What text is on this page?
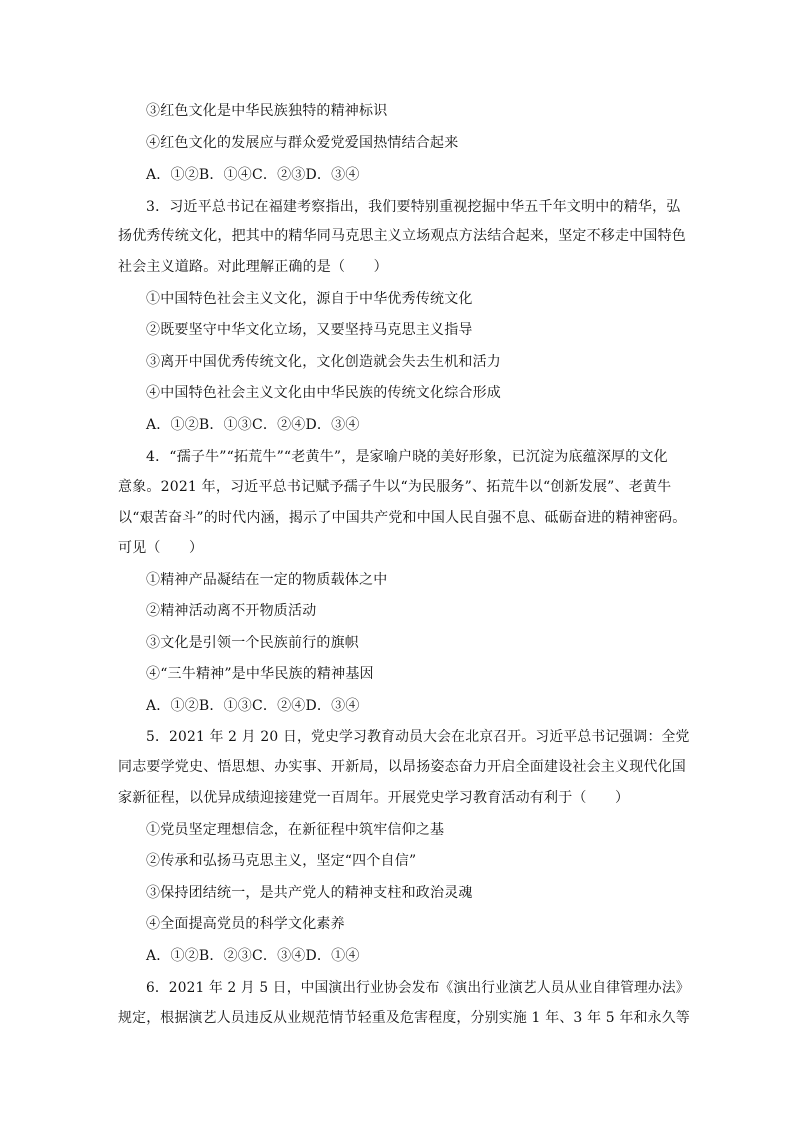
③红色文化是中华民族独特的精神标识

④红色文化的发展应与群众爱党爱国热情结合起来

A．①②B．①④C．②③D．③④

3．习近平总书记在福建考察指出，我们要特别重视挖掘中华五千年文明中的精华，弘

扬优秀传统文化，把其中的精华同马克思主义立场观点方法结合起来，坚定不移走中国特色

社会主义道路。对此理解正确的是（　　）

①中国特色社会主义文化，源自于中华优秀传统文化

②既要坚守中华文化立场，又要坚持马克思主义指导

③离开中国优秀传统文化，文化创造就会失去生机和活力

④中国特色社会主义文化由中华民族的传统文化综合形成

A．①②B．①③C．②④D．③④

4．“孺子牛”“拓荒牛”“老黄牛”，是家喻户晓的美好形象，已沉淀为底蕴深厚的文化

意象。2021 年，习近平总书记赋予孺子牛以“为民服务”、拓荒牛以“创新发展”、老黄牛

以“艰苦奋斗”的时代内涵，揭示了中国共产党和中国人民自强不息、砥砺奋进的精神密码。

可见（　　）

①精神产品凝结在一定的物质载体之中

②精神活动离不开物质活动

③文化是引领一个民族前行的旗帜

④“三牛精神”是中华民族的精神基因

A．①②B．①③C．②④D．③④

5．2021 年 2 月 20 日，党史学习教育动员大会在北京召开。习近平总书记强调：全党

同志要学党史、悟思想、办实事、开新局，以昂扬姿态奋力开启全面建设社会主义现代化国

家新征程，以优异成绩迎接建党一百周年。开展党史学习教育活动有利于（　　）

①党员坚定理想信念，在新征程中筑牢信仰之基

②传承和弘扬马克思主义，坚定“四个自信”

③保持团结统一，是共产党人的精神支柱和政治灵魂

④全面提高党员的科学文化素养

A．①②B．②③C．③④D．①④

6．2021 年 2 月 5 日，中国演出行业协会发布《演出行业演艺人员从业自律管理办法》

规定，根据演艺人员违反从业规范情节轻重及危害程度，分别实施 1 年、3 年 5 年和永久等
